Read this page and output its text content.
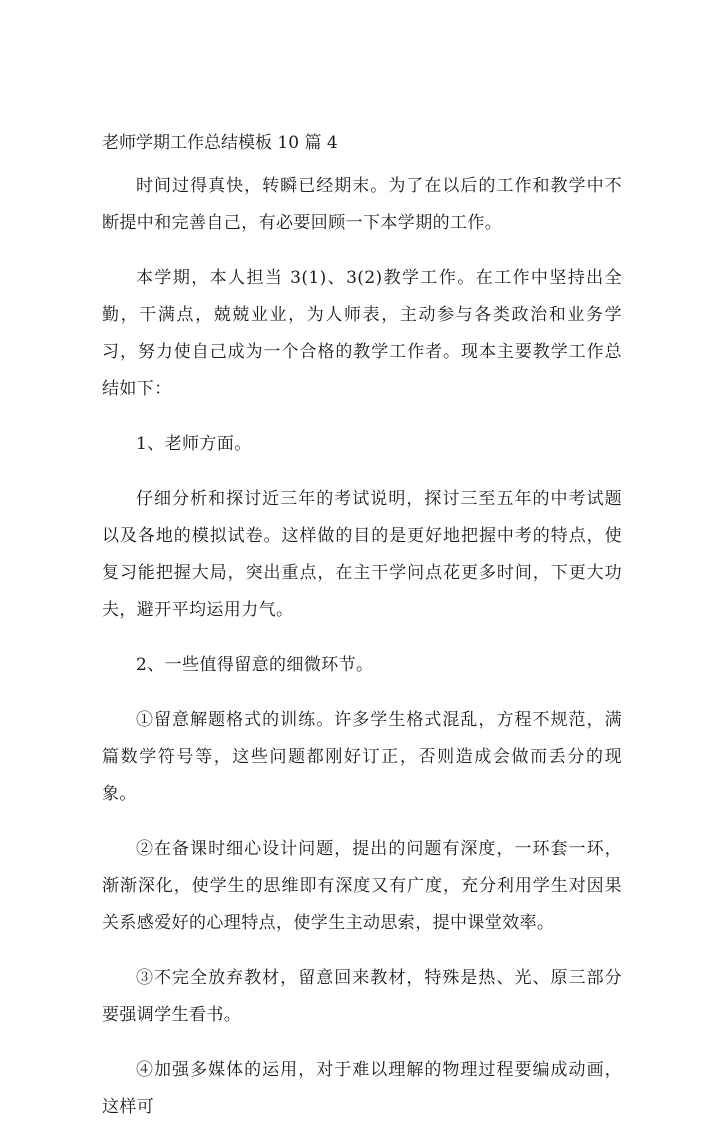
老师学期工作总结模板 10 篇 4

时间过得真快，转瞬已经期末。为了在以后的工作和教学中不断提中和完善自己，有必要回顾一下本学期的工作。

本学期，本人担当 3(1)、3(2)教学工作。在工作中坚持出全勤，干满点，兢兢业业，为人师表，主动参与各类政治和业务学习，努力使自己成为一个合格的教学工作者。现本主要教学工作总结如下：

1、老师方面。

仔细分析和探讨近三年的考试说明，探讨三至五年的中考试题以及各地的模拟试卷。这样做的目的是更好地把握中考的特点，使复习能把握大局，突出重点，在主干学问点花更多时间，下更大功夫，避开平均运用力气。

2、一些值得留意的细微环节。

①留意解题格式的训练。许多学生格式混乱，方程不规范，满篇数学符号等，这些问题都刚好订正，否则造成会做而丢分的现象。

②在备课时细心设计问题，提出的问题有深度，一环套一环，渐渐深化，使学生的思维即有深度又有广度，充分利用学生对因果关系感爱好的心理特点，使学生主动思索，提中课堂效率。

③不完全放弃教材，留意回来教材，特殊是热、光、原三部分要强调学生看书。

④加强多媒体的运用，对于难以理解的物理过程要编成动画，这样可
